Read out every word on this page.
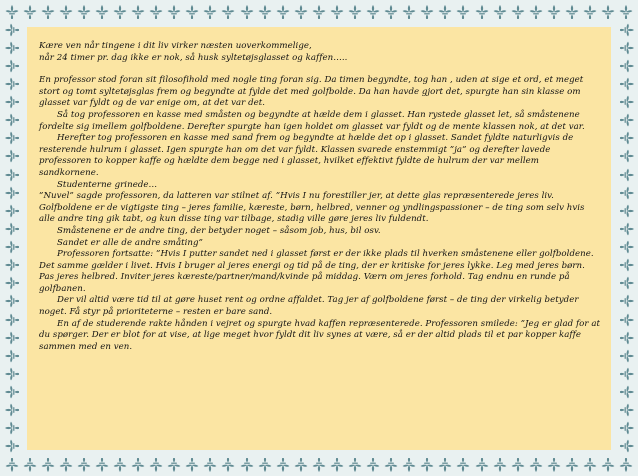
Kære ven når tingene i dit liv virker næsten uoverkommelige,

når 24 timer pr. dag ikke er nok, så husk syltetøjsglasset og kaffen…..

En professor stod foran sit filosofihold med nogle ting foran sig. Da timen begyndte, tog han , uden at sige et ord, et meget stort og tomt syltetøjsglas frem og begyndte at fylde det med golfbolde. Da han havde gjort det, spurgte han sin klasse om glasset var fyldt og de var enige om, at det var det.

Så tog professoren en kasse med småsten og begyndte at hælde dem i glasset. Han rystede glasset let, så småstenene fordelte sig imellem golfboldene. Derefter spurgte han igen holdet om glasset var fyldt og de mente klassen nok, at det var.

Herefter tog professoren en kasse med sand frem og begyndte at hælde det op i glasset. Sandet fyldte naturligvis de resterende hulrum i glasset. Igen spurgte han om det var fyldt. Klassen svarede enstemmigt ”ja” og derefter lavede professoren to kopper kaffe og hældte dem begge ned i glasset, hvilket effektivt fyldte de hulrum der var mellem sandkornene.

Studenterne grinede…

”Nuvel” sagde professoren, da latteren var stilnet af. ”Hvis I nu forestiller jer, at dette glas repræsenterede jeres liv. Golfboldene er de vigtigste ting – jeres familie, kæreste, børn, helbred, venner og yndlingspassioner – de ting som selv hvis alle andre ting gik tabt, og kun disse ting var tilbage, stadig ville gøre jeres liv fuldendt.

Småstenene er de andre ting, der betyder noget – såsom job, hus, bil osv.

Sandet er alle de andre småting”

Professoren fortsatte: ”Hvis I putter sandet ned i glasset først er der ikke plads til hverken småstenene eller golfboldene. Det samme gælder i livet. Hvis I bruger al jeres energi og tid på de ting, der er kritiske for jeres lykke. Leg med jeres børn. Pas jeres helbred. Inviter jeres kæreste/partner/mand/kvinde på middag. Værn om jeres forhold. Tag endnu en runde på golfbanen.

Der vil altid være tid til at gøre huset rent og ordne affaldet. Tag jer af golfboldene først – de ting der virkelig betyder noget. Få styr på prioriteterne – resten er bare sand.

En af de studerende rakte hånden i vejret og spurgte hvad kaffen repræsenterede. Professoren smilede: ”Jeg er glad for at du spørger. Der er blot for at vise, at lige meget hvor fyldt dit liv synes at være, så er der altid plads til et par kopper kaffe sammen med en ven.
